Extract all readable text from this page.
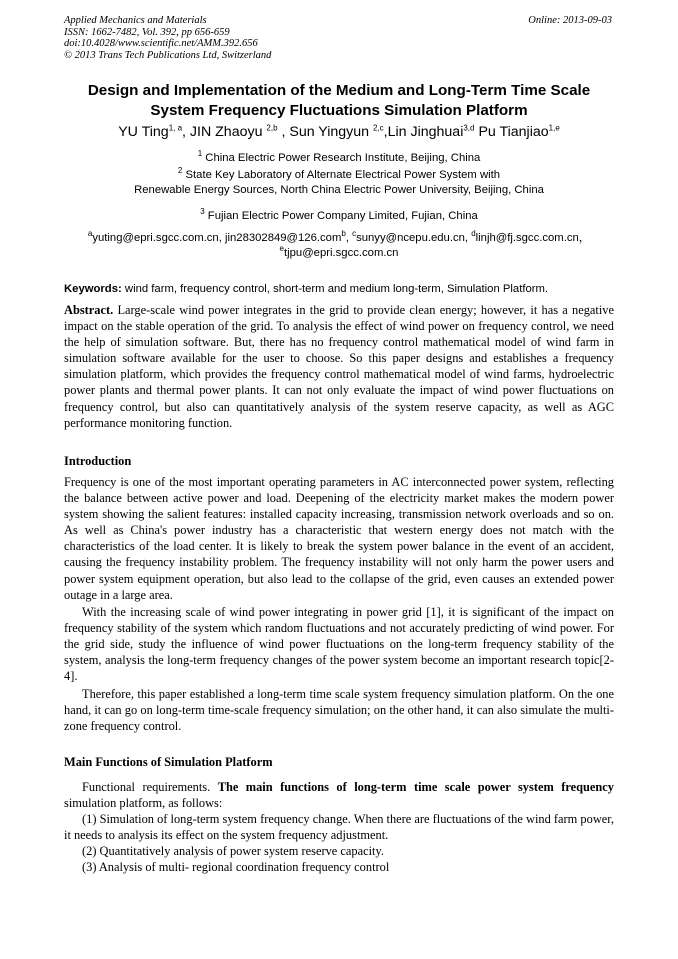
Applied Mechanics and Materials
ISSN: 1662-7482, Vol. 392, pp 656-659
doi:10.4028/www.scientific.net/AMM.392.656
© 2013 Trans Tech Publications Ltd, Switzerland
Online: 2013-09-03
Design and Implementation of the Medium and Long-Term Time Scale
System Frequency Fluctuations Simulation Platform
YU Ting$^{1, a}$, JIN Zhaoyu $^{2,b}$ , Sun Yingyun $^{2,c}$,Lin Jinghuai$^{3,d}$ Pu Tianjiao$^{1,e}$
$^1$ China Electric Power Research Institute, Beijing, China
$^2$ State Key Laboratory of Alternate Electrical Power System with
Renewable Energy Sources, North China Electric Power University, Beijing, China
$^3$ Fujian Electric Power Company Limited, Fujian, China
$^a$yuting@epri.sgcc.com.cn, jin28302849@126.com$^b$, $^c$sunyy@ncepu.edu.cn, $^d$linjh@fj.sgcc.com.cn，
$^e$tjpu@epri.sgcc.com.cn
Keywords: wind farm, frequency control, short-term and medium long-term, Simulation Platform.
Abstract. Large-scale wind power integrates in the grid to provide clean energy; however, it has a negative impact on the stable operation of the grid. To analysis the effect of wind power on frequency control, we need the help of simulation software. But, there has no frequency control mathematical model of wind farm in simulation software available for the user to choose. So this paper designs and establishes a frequency simulation platform, which provides the frequency control mathematical model of wind farms, hydroelectric power plants and thermal power plants. It can not only evaluate the impact of wind power fluctuations on frequency control, but also can quantitatively analysis of the system reserve capacity, as well as AGC performance monitoring function.
Introduction
Frequency is one of the most important operating parameters in AC interconnected power system, reflecting the balance between active power and load. Deepening of the electricity market makes the modern power system showing the salient features: installed capacity increasing, transmission network overloads and so on. As well as China's power industry has a characteristic that western energy does not match with the characteristics of the load center. It is likely to break the system power balance in the event of an accident, causing the frequency instability problem. The frequency instability will not only harm the power users and power system equipment operation, but also lead to the collapse of the grid, even causes an extended power outage in a large area.
With the increasing scale of wind power integrating in power grid [1], it is significant of the impact on frequency stability of the system which random fluctuations and not accurately predicting of wind power. For the grid side, study the influence of wind power fluctuations on the long-term frequency stability of the system, analysis the long-term frequency changes of the power system become an important research topic[2-4].
Therefore, this paper established a long-term time scale system frequency simulation platform. On the one hand, it can go on long-term time-scale frequency simulation; on the other hand, it can also simulate the multi-zone frequency control.
Main Functions of Simulation Platform
Functional requirements. The main functions of long-term time scale power system frequency simulation platform, as follows:
(1) Simulation of long-term system frequency change. When there are fluctuations of the wind farm power, it needs to analysis its effect on the system frequency adjustment.
(2) Quantitatively analysis of power system reserve capacity.
(3) Analysis of multi- regional coordination frequency control
